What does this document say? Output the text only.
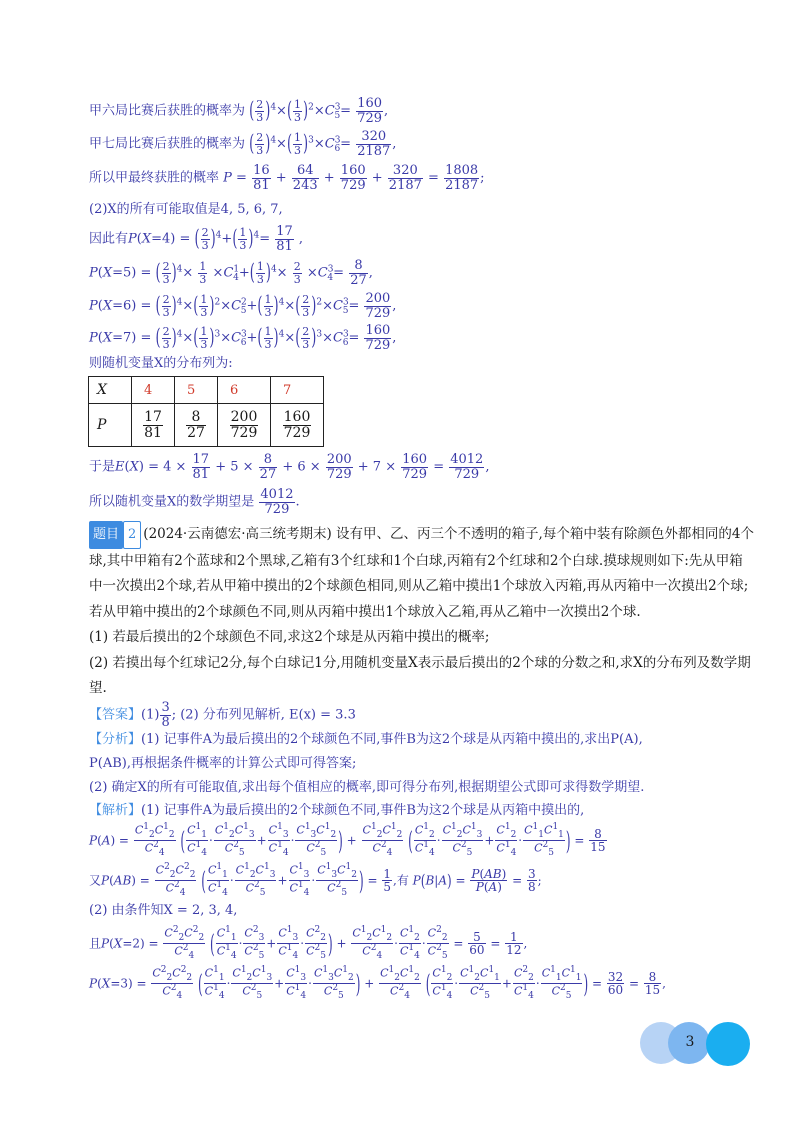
甲六局比赛后获胜的概率为 ( $\frac{2}{3} )^4\times( \frac{1}{3} )^2\times C^3_5= \frac{160}{729}$ ,
甲七局比赛后获胜的概率为 ( $\frac{2}{3} )^4\times( \frac{1}{3} )^3\times C^3_6= \frac{320}{2187}$ ,
所以甲最终获胜的概率 $P = \frac{16}{81} + \frac{64}{243} + \frac{160}{729} + \frac{320}{2187} = \frac{1808}{2187}$ ;
(2)X的所有可能取值是4, 5, 6, 7,
因此有P(X=4) = ( $\frac{2}{3} )^4+( \frac{1}{3} )^4= \frac{17}{81}$ ,
P(X=5) = ( $\frac{2}{3} )^4\times \frac{1}{3} \times C^1_4+( \frac{1}{3} )^4\times \frac{2}{3} \times C^3_4= \frac{8}{27}$ ,
P(X=6) = ( $\frac{2}{3} )^4\times( \frac{1}{3} )^2\times C^2_5+( \frac{1}{3} )^4\times( \frac{2}{3} )^2\times C^3_5= \frac{200}{729}$ ,
P(X=7) = ( $\frac{2}{3} )^4\times( \frac{1}{3} )^3\times C^3_6+( \frac{1}{3} )^4\times( \frac{2}{3} )^3\times C^3_6= \frac{160}{729}$ ,
则随机变量X的分布列为:
X	4	5	6	7
P	$\frac{17}{81}$	$\frac{8}{27}$	$\frac{200}{729}$	$\frac{160}{729}$
于是$E(X) = 4 \times \frac{17}{81} + 5 \times \frac{8}{27} + 6 \times \frac{200}{729} + 7 \times \frac{160}{729} = \frac{4012}{729}$ ,
所以随机变量X的数学期望是 $\frac{4012}{729}$ .
题目 2 (2024·云南德宏·高三统考期末) 设有甲、乙、丙三个不透明的箱子,每个箱中装有除颜色外都相同的4个球,其中甲箱有2个蓝球和2个黑球,乙箱有3个红球和1个白球,丙箱有2个红球和2个白球.摸球规则如下:先从甲箱中一次摸出2个球,若从甲箱中摸出的2个球颜色相同,则从乙箱中摸出1个球放入丙箱,再从丙箱中一次摸出2个球;若从甲箱中摸出的2个球颜色不同,则从丙箱中摸出1个球放入乙箱,再从乙箱中一次摸出2个球.
(1) 若最后摸出的2个球颜色不同,求这2个球是从丙箱中摸出的概率;
(2) 若摸出每个红球记2分,每个白球记1分,用随机变量X表示最后摸出的2个球的分数之和,求X的分布列及数学期望.
【答案】$(1) \frac{3}{8}$ ; (2) 分布列见解析, E(x) = 3.3
【分析】(1) 记事件A为最后摸出的2个球颜色不同,事件B为这2个球是从丙箱中摸出的,求出P(A),
P(AB),再根据条件概率的计算公式即可得答案;
(2) 确定X的所有可能取值,求出每个值相应的概率,即可得分布列,根据期望公式即可求得数学期望.
【解析】(1) 记事件A为最后摸出的2个球颜色不同,事件B为这2个球是从丙箱中摸出的,
$P(A) = \frac{C^1_2C^1_2}{C^2_4}$ ( $\frac{C^1_1}{C^1_4} \cdot \frac{C^1_2C^1_3}{C^2_5} + \frac{C^1_3}{C^1_4} \cdot \frac{C^1_3C^1_2}{C^2_5}$ ) + $\frac{C^1_2C^1_2}{C^2_4}$ ( $\frac{C^1_2}{C^1_4} \cdot \frac{C^1_2C^1_3}{C^2_5} + \frac{C^1_2}{C^1_4} \cdot \frac{C^1_1C^1_1}{C^2_5}$ ) = $\frac{8}{15}$
又$P(AB) = \frac{C^2_2C^2_2}{C^2_4}$ ( $\frac{C^1_1}{C^1_4} \cdot \frac{C^1_2C^1_3}{C^2_5} + \frac{C^1_3}{C^1_4} \cdot \frac{C^1_3C^1_2}{C^2_5}$ ) = $\frac{1}{5}$ ,有 $P(B|A) = \frac{P(AB)}{P(A)} = \frac{3}{8}$ ;
(2) 由条件知X = 2, 3, 4,
且$P(X=2) = \frac{C^2_2C^2_2}{C^2_4}$ ( $\frac{C^1_1}{C^1_4} \cdot \frac{C^2_3}{C^2_5} + \frac{C^1_3}{C^1_4} \cdot \frac{C^2_2}{C^2_5}$ ) + $\frac{C^1_2C^1_2}{C^2_4} \cdot \frac{C^1_2}{C^1_4} \cdot \frac{C^2_2}{C^2_5} = \frac{5}{60} = \frac{1}{12}$ ,
$P(X=3) = \frac{C^2_2C^2_2}{C^2_4}$ ( $\frac{C^1_1}{C^1_4} \cdot \frac{C^1_2C^1_3}{C^2_5} + \frac{C^1_3}{C^1_4} \cdot \frac{C^1_3C^1_2}{C^2_5}$ ) + $\frac{C^1_2C^1_2}{C^2_4}$ ( $\frac{C^1_2}{C^1_4} \cdot \frac{C^1_2C^1_1}{C^2_5} + \frac{C^2_2}{C^1_4} \cdot \frac{C^1_1C^1_1}{C^2_5}$ ) = $\frac{32}{60} = \frac{8}{15}$ ,
3
